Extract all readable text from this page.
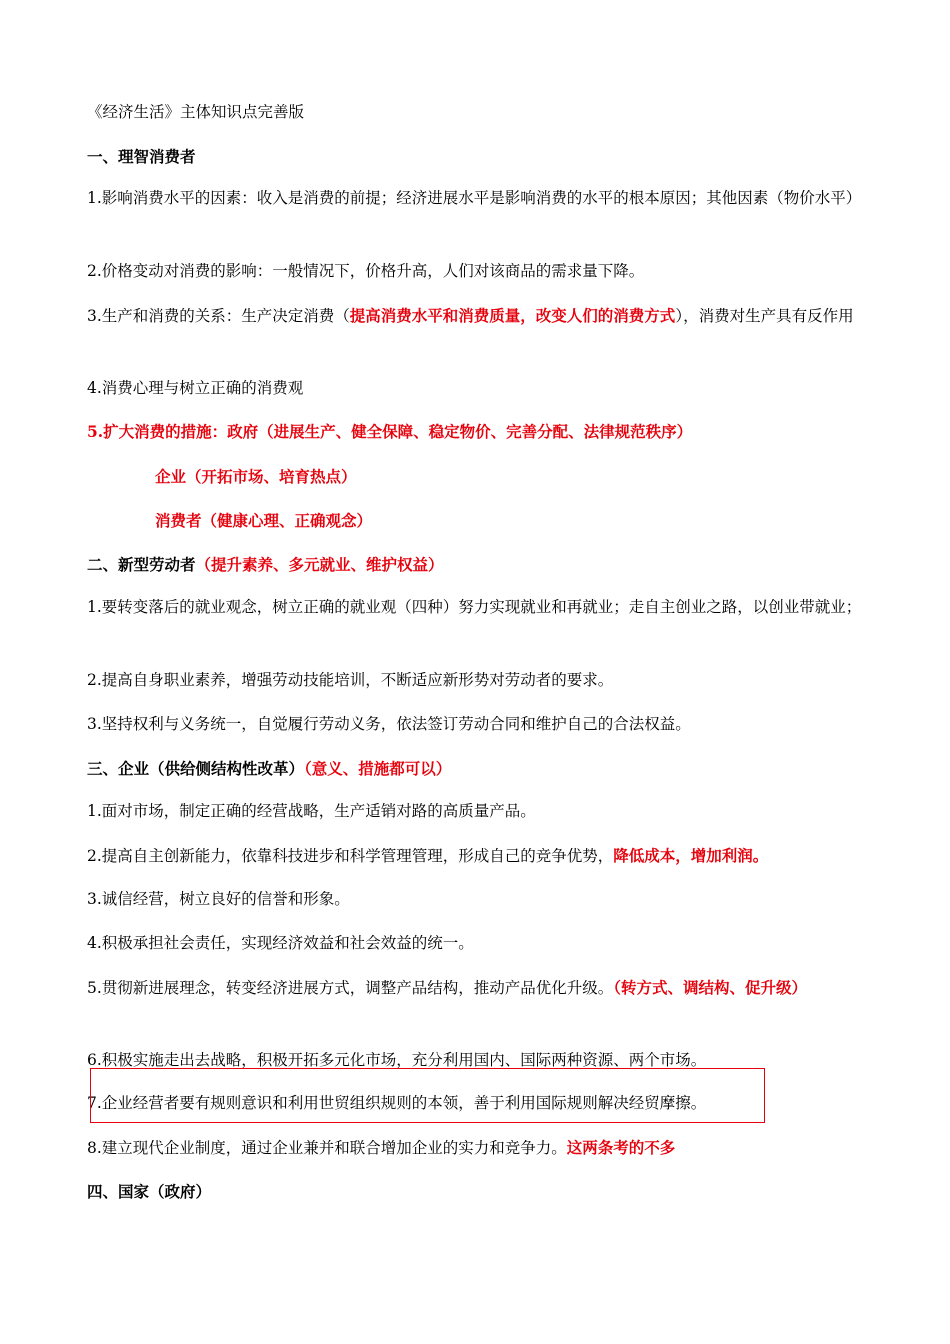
《经济生活》主体知识点完善版
一、理智消费者
1.影响消费水平的因素：收入是消费的前提；经济进展水平是影响消费的水平的根本原因；其他因素（物价水平）
2.价格变动对消费的影响：一般情况下，价格升高，人们对该商品的需求量下降。
3.生产和消费的关系：生产决定消费（提高消费水平和消费质量，改变人们的消费方式），消费对生产具有反作用
4.消费心理与树立正确的消费观
5.扩大消费的措施：政府（进展生产、健全保障、稳定物价、完善分配、法律规范秩序）
企业（开拓市场、培育热点）
消费者（健康心理、正确观念）
二、新型劳动者（提升素养、多元就业、维护权益）
1.要转变落后的就业观念，树立正确的就业观（四种）努力实现就业和再就业；走自主创业之路，以创业带就业；
2.提高自身职业素养，增强劳动技能培训，不断适应新形势对劳动者的要求。
3.坚持权利与义务统一，自觉履行劳动义务，依法签订劳动合同和维护自己的合法权益。
三、企业（供给侧结构性改革）（意义、措施都可以）
1.面对市场，制定正确的经营战略，生产适销对路的高质量产品。
2.提高自主创新能力，依靠科技进步和科学管理管理，形成自己的竞争优势，降低成本，增加利润。
3.诚信经营，树立良好的信誉和形象。
4.积极承担社会责任，实现经济效益和社会效益的统一。
5.贯彻新进展理念，转变经济进展方式，调整产品结构，推动产品优化升级。（转方式、调结构、促升级）
6.积极实施走出去战略，积极开拓多元化市场，充分利用国内、国际两种资源、两个市场。
7.企业经营者要有规则意识和利用世贸组织规则的本领，善于利用国际规则解决经贸摩擦。
8.建立现代企业制度，通过企业兼并和联合增加企业的实力和竞争力。这两条考的不多
四、国家（政府）
